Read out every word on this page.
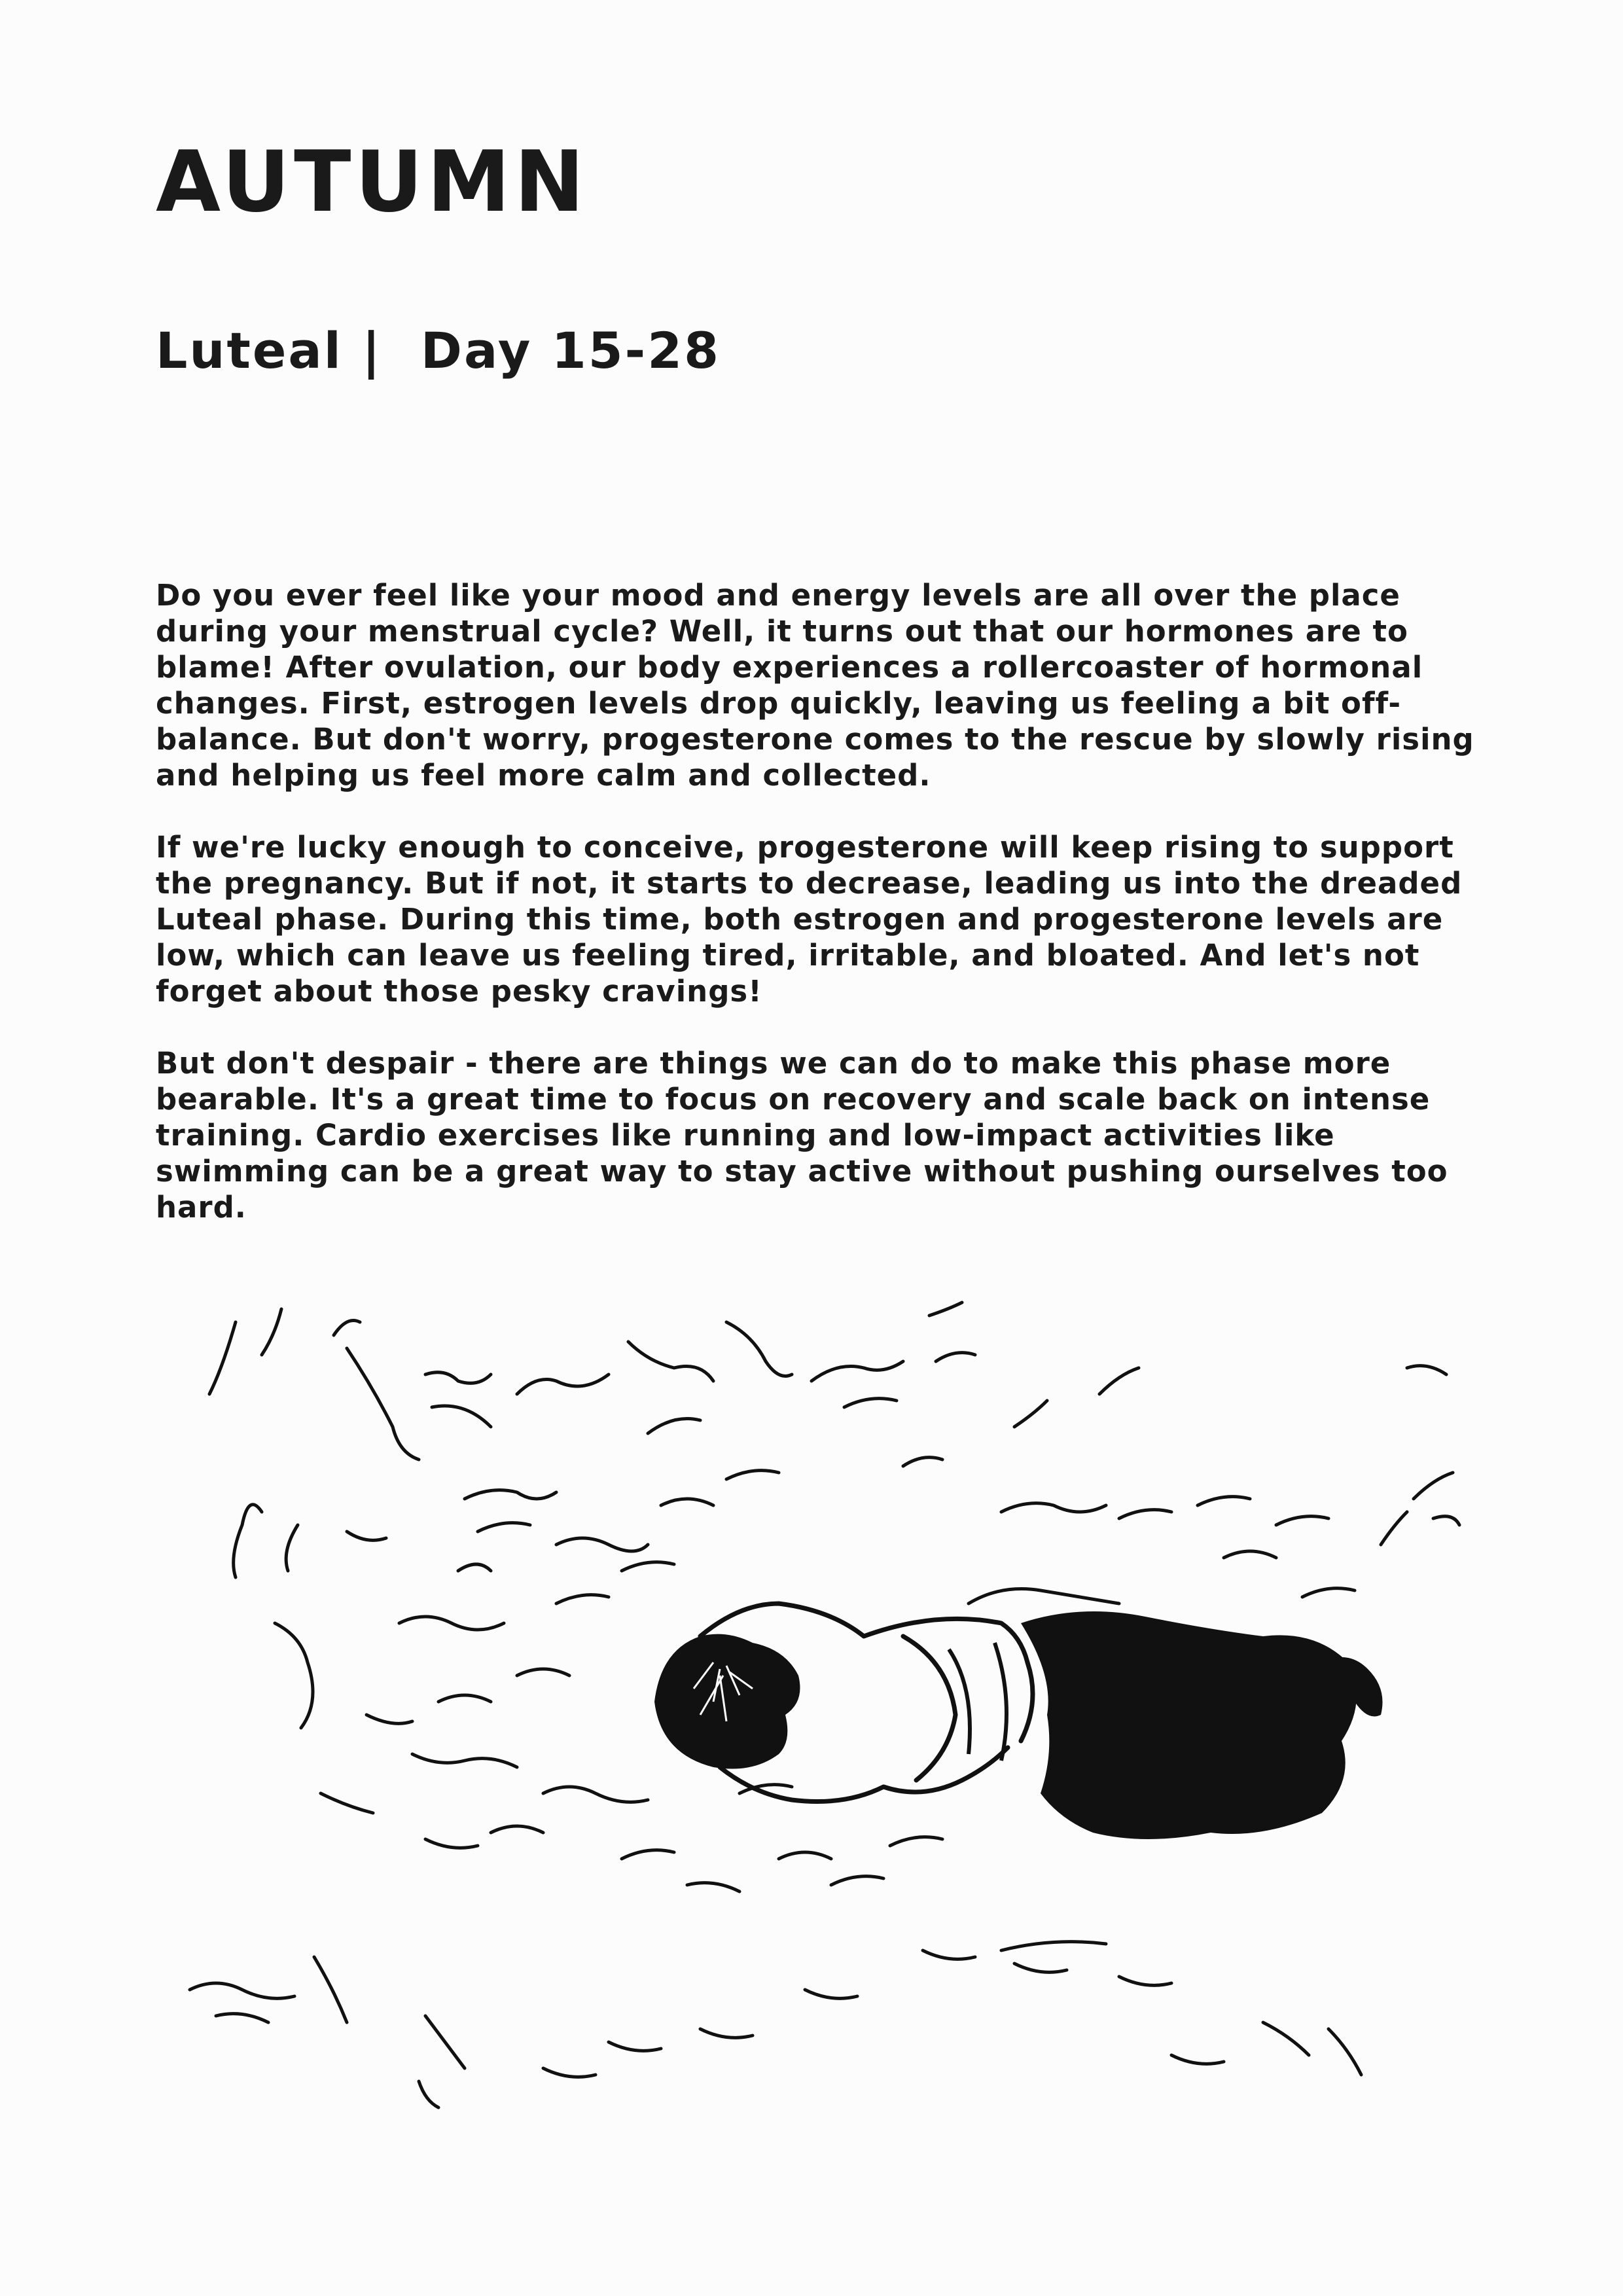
AUTUMN
Luteal |  Day 15-28

Do you ever feel like your mood and energy levels are all over the place during your menstrual cycle? Well, it turns out that our hormones are to blame! After ovulation, our body experiences a rollercoaster of hormonal changes. First, estrogen levels drop quickly, leaving us feeling a bit off-balance. But don't worry, progesterone comes to the rescue by slowly rising and helping us feel more calm and collected.

If we're lucky enough to conceive, progesterone will keep rising to support the pregnancy. But if not, it starts to decrease, leading us into the dreaded Luteal phase. During this time, both estrogen and progesterone levels are low, which can leave us feeling tired, irritable, and bloated. And let's not forget about those pesky cravings!

But don't despair - there are things we can do to make this phase more bearable. It's a great time to focus on recovery and scale back on intense training. Cardio exercises like running and low-impact activities like swimming can be a great way to stay active without pushing ourselves too hard.
